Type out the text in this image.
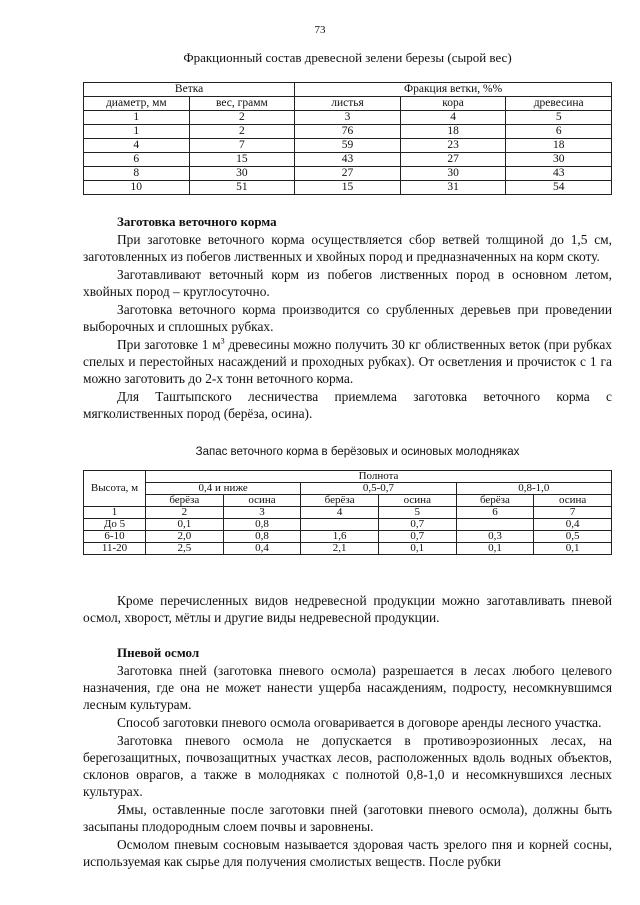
73
Фракционный состав древесной зелени березы (сырой вес)
Ветка		Фракция ветки, %%		
диаметр, мм	вес, грамм	листья	кора	древесина
1	2	3	4	5
1	2	76	18	6
4	7	59	23	18
6	15	43	27	30
8	30	27	30	43
10	51	15	31	54

Заготовка веточного корма

При заготовке веточного корма осуществляется сбор ветвей толщиной до 1,5 см, заготовленных из побегов лиственных и хвойных пород и предназначенных на корм скоту.

Заготавливают веточный корм из побегов лиственных пород в основном летом, хвойных пород – круглосуточно.

Заготовка веточного корма производится со срубленных деревьев при проведении выборочных и сплошных рубках.

При заготовке 1 $м^3$ древесины можно получить 30 кг облиственных веток (при рубках спелых и перестойных насаждений и проходных рубках). От осветления и прочисток с 1 га можно заготовить до 2-х тонн веточного корма.

Для Таштыпского лесничества приемлема заготовка веточного корма с мягколиственных пород (берёза, осина).

Запас веточного корма в берёзовых и осиновых молодняках
Высота, м	Полнота					
	0,4 и ниже		0,5-0,7		0,8-1,0	
	берёза	осина	берёза	осина	берёза	осина
1	2	3	4	5	6	7
До 5	0,1	0,8		0,7		0,4
6-10	2,0	0,8	1,6	0,7	0,3	0,5
11-20	2,5	0,4	2,1	0,1	0,1	0,1

Кроме перечисленных видов недревесной продукции можно заготавливать пневой осмол, хворост, мётлы и другие виды недревесной продукции.

Пневой осмол

Заготовка пней (заготовка пневого осмола) разрешается в лесах любого целевого назначения, где она не может нанести ущерба насаждениям, подросту, несомкнувшимся лесным культурам.

Способ заготовки пневого осмола оговаривается в договоре аренды лесного участка.

Заготовка пневого осмола не допускается в противоэрозионных лесах, на берегозащитных, почвозащитных участках лесов, расположенных вдоль водных объектов, склонов оврагов, а также в молодняках с полнотой 0,8-1,0 и несомкнувшихся лесных культурах.

Ямы, оставленные после заготовки пней (заготовки пневого осмола), должны быть засыпаны плодородным слоем почвы и заровнены.

Осмолом пневым сосновым называется здоровая часть зрелого пня и корней сосны, используемая как сырье для получения смолистых веществ. После рубки
